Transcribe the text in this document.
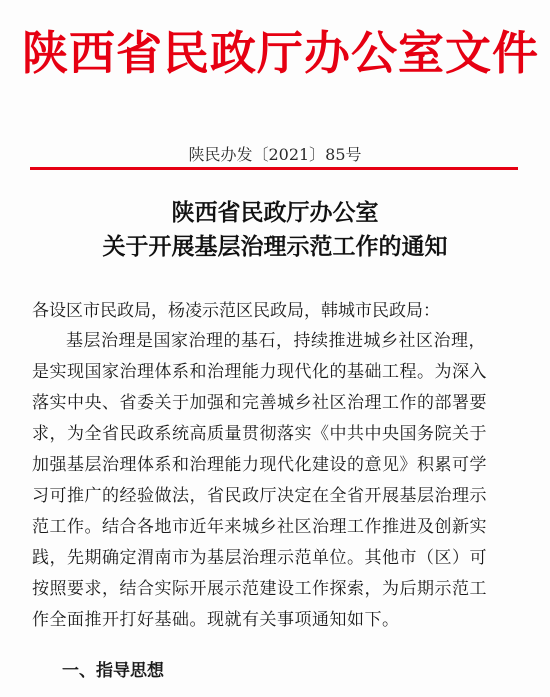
陕西省民政厅办公室文件
陕民办发〔2021〕85号
陕西省民政厅办公室
关于开展基层治理示范工作的通知
各设区市民政局，杨凌示范区民政局，韩城市民政局：
基层治理是国家治理的基石，持续推进城乡社区治理，
是实现国家治理体系和治理能力现代化的基础工程。为深入
落实中央、省委关于加强和完善城乡社区治理工作的部署要
求，为全省民政系统高质量贯彻落实《中共中央国务院关于
加强基层治理体系和治理能力现代化建设的意见》积累可学
习可推广的经验做法，省民政厅决定在全省开展基层治理示
范工作。结合各地市近年来城乡社区治理工作推进及创新实
践，先期确定渭南市为基层治理示范单位。其他市（区）可
按照要求，结合实际开展示范建设工作探索，为后期示范工
作全面推开打好基础。现就有关事项通知如下。
一、指导思想
